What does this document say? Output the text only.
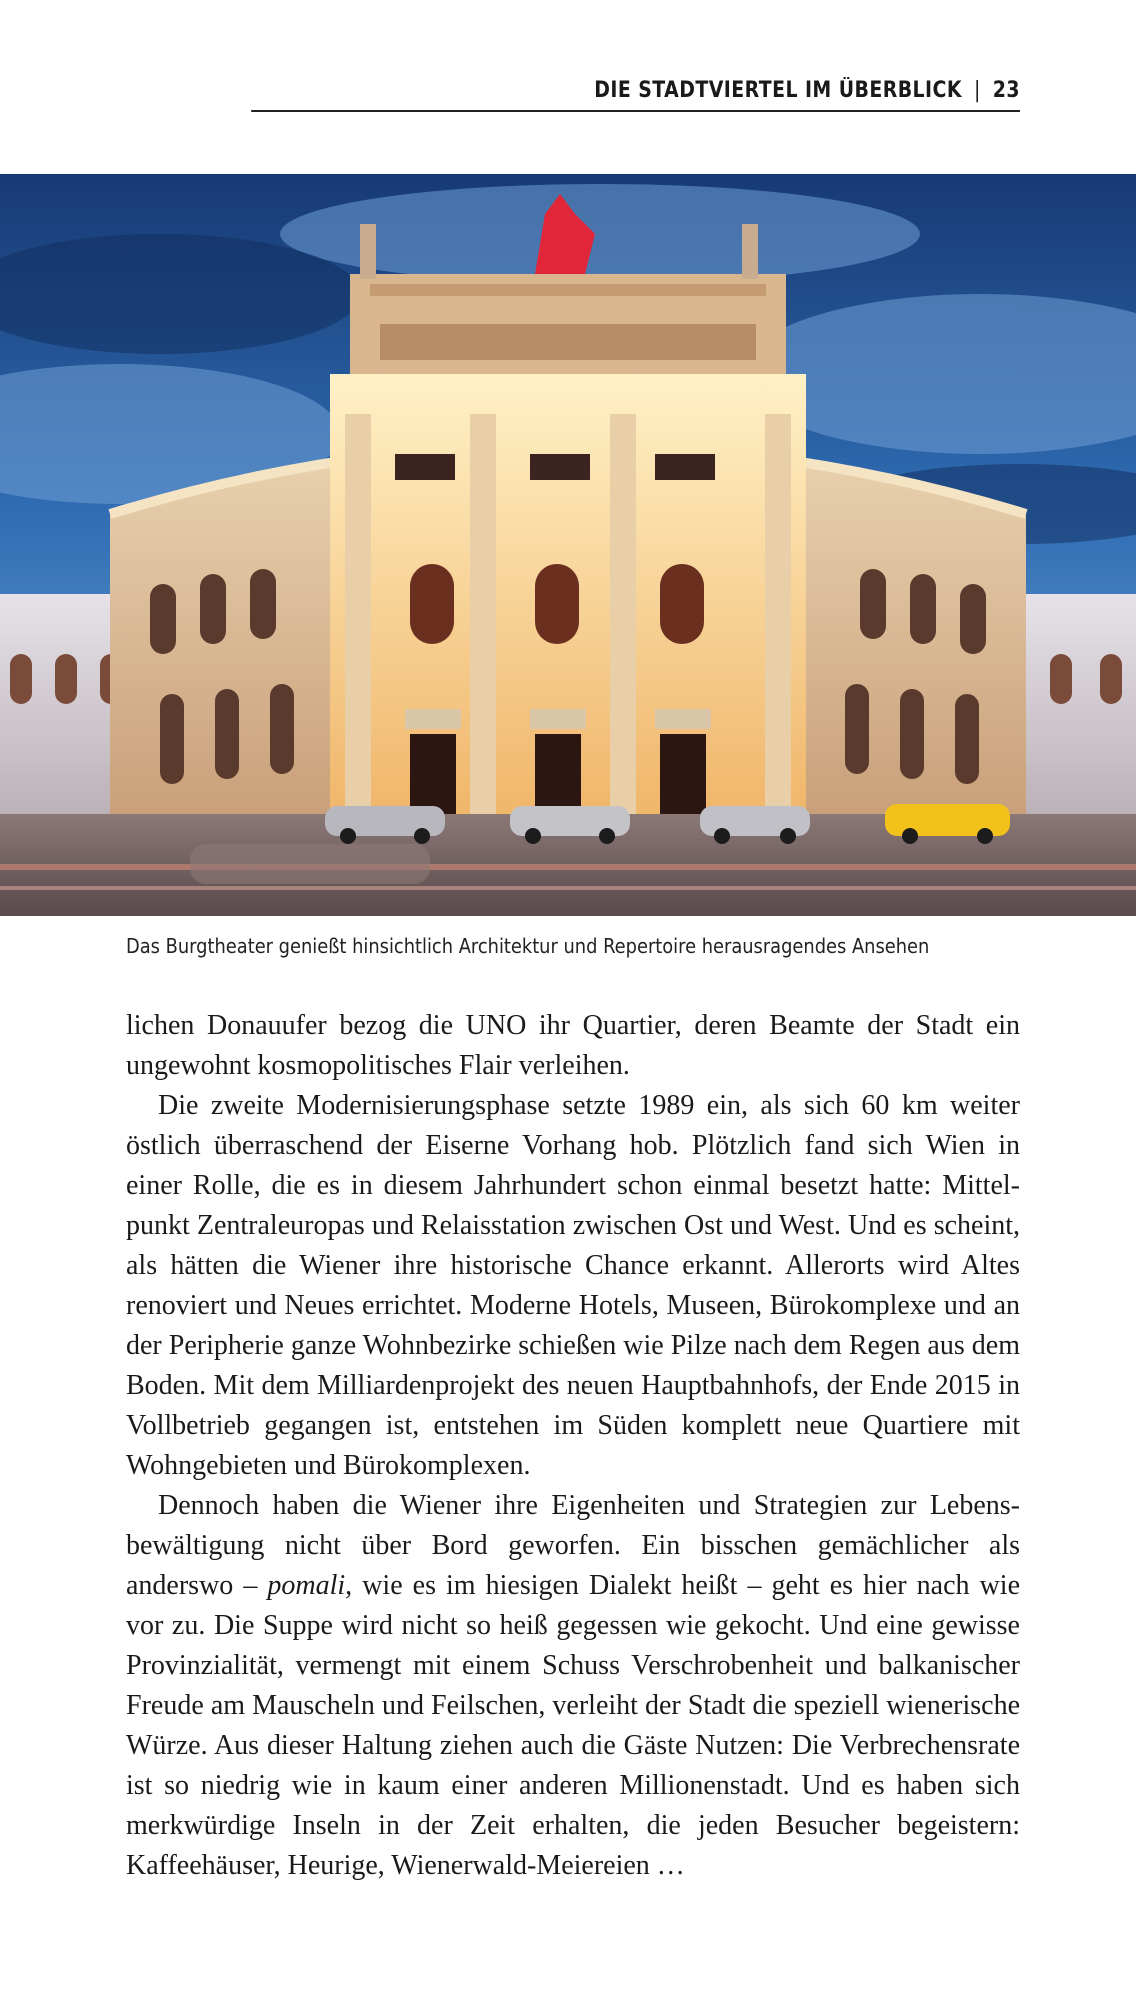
DIE STADTVIERTEL IM ÜBERBLICK | 23
Das Burgtheater genießt hinsichtlich Architektur und Repertoire herausragendes Ansehen

lichen Donauufer bezog die UNO ihr Quartier, deren Beamte der Stadt ein ungewohnt kosmopolitisches Flair verleihen.

Die zweite Modernisierungsphase setzte 1989 ein, als sich 60 km weiter östlich überraschend der Eiserne Vorhang hob. Plötzlich fand sich Wien in einer Rolle, die es in diesem Jahrhundert schon einmal besetzt hatte: Mittelpunkt Zentraleuropas und Relaisstation zwischen Ost und West. Und es scheint, als hätten die Wiener ihre historische Chance erkannt. Allerorts wird Altes renoviert und Neues errichtet. Moderne Hotels, Museen, Bürokomplexe und an der Peripherie ganze Wohnbezirke schießen wie Pilze nach dem Regen aus dem Boden. Mit dem Milliardenprojekt des neuen Hauptbahnhofs, der Ende 2015 in Vollbetrieb gegangen ist, entstehen im Süden komplett neue Quartiere mit Wohngebieten und Bürokomplexen.

Dennoch haben die Wiener ihre Eigenheiten und Strategien zur Lebensbewältigung nicht über Bord geworfen. Ein bisschen gemächlicher als anderswo – pomali, wie es im hiesigen Dialekt heißt – geht es hier nach wie vor zu. Die Suppe wird nicht so heiß gegessen wie gekocht. Und eine gewisse Provinzialität, vermengt mit einem Schuss Verschrobenheit und balkanischer Freude am Mauscheln und Feilschen, verleiht der Stadt die speziell wienerische Würze. Aus dieser Haltung ziehen auch die Gäste Nutzen: Die Verbrechensrate ist so niedrig wie in kaum einer anderen Millionenstadt. Und es haben sich merkwürdige Inseln in der Zeit erhalten, die jeden Besucher begeistern: Kaffeehäuser, Heurige, Wienerwald-Meiereien …
